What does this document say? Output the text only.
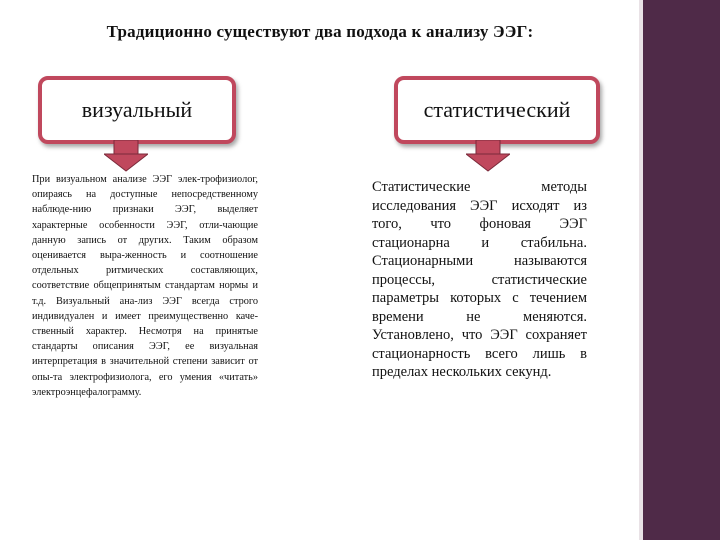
Традиционно существуют два подхода к анализу ЭЭГ:
визуальный	статистический

При визуальном анализе ЭЭГ элек-трофизиолог, опираясь на доступные непосредственному наблюде-нию признаки ЭЭГ, выделяет характерные особенности ЭЭГ, отли-чающие данную запись от других. Таким образом оценивается выра-женность и соотношение отдельных ритмических составляющих, соответствие общепринятым стандартам нормы и т.д. Визуальный ана-лиз ЭЭГ всегда строго индивидуален и имеет преимущественно каче-ственный характер. Несмотря на принятые стандарты описания ЭЭГ, ее визуальная интерпретация в значительной степени зависит от опы-та электрофизиолога, его умения «читать» электроэнцефалограмму.

Статистические методы исследования ЭЭГ исходят из того, что фоновая ЭЭГ стационарна и стабильна. Стационарными называются процессы, статистические параметры которых с течением времени не меняются. Установлено, что ЭЭГ сохраняет стационарность всего лишь в пределах нескольких секунд.
